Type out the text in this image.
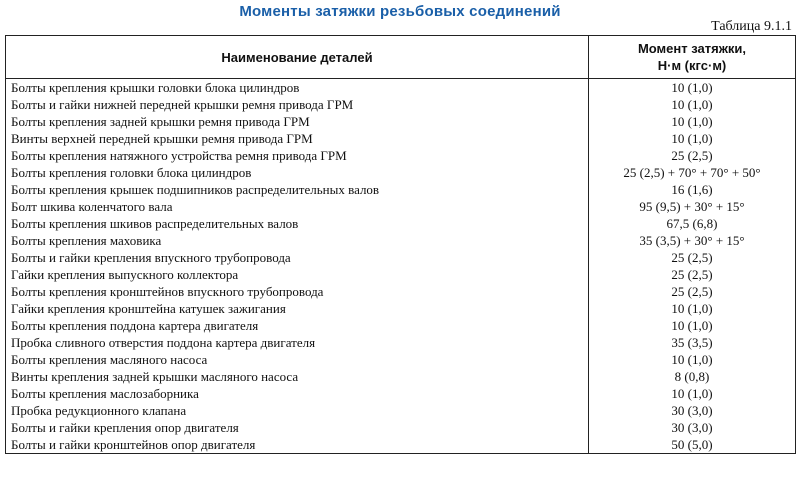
Моменты затяжки резьбовых соединений
Таблица 9.1.1
Наименование деталей	Момент затяжки,
Н·м (кгс·м)

Болты крепления крышки головки блока цилиндров	10 (1,0)
Болты и гайки нижней передней крышки ремня привода ГРМ	10 (1,0)
Болты крепления задней крышки ремня привода ГРМ	10 (1,0)
Винты верхней передней крышки ремня привода ГРМ	10 (1,0)
Болты крепления натяжного устройства ремня привода ГРМ	25 (2,5)
Болты крепления головки блока цилиндров	25 (2,5) + 70° + 70° + 50°
Болты крепления крышек подшипников распределительных валов	16 (1,6)
Болт шкива коленчатого вала	95 (9,5) + 30° + 15°
Болты крепления шкивов распределительных валов	67,5 (6,8)
Болты крепления маховика	35 (3,5) + 30° + 15°
Болты и гайки крепления впускного трубопровода	25 (2,5)
Гайки крепления выпускного коллектора	25 (2,5)
Болты крепления кронштейнов впускного трубопровода	25 (2,5)
Гайки крепления кронштейна катушек зажигания	10 (1,0)
Болты крепления поддона картера двигателя	10 (1,0)
Пробка сливного отверстия поддона картера двигателя	35 (3,5)
Болты крепления масляного насоса	10 (1,0)
Винты крепления задней крышки масляного насоса	8 (0,8)
Болты крепления маслозаборника	10 (1,0)
Пробка редукционного клапана	30 (3,0)
Болты и гайки крепления опор двигателя	30 (3,0)
Болты и гайки кронштейнов опор двигателя	50 (5,0)
